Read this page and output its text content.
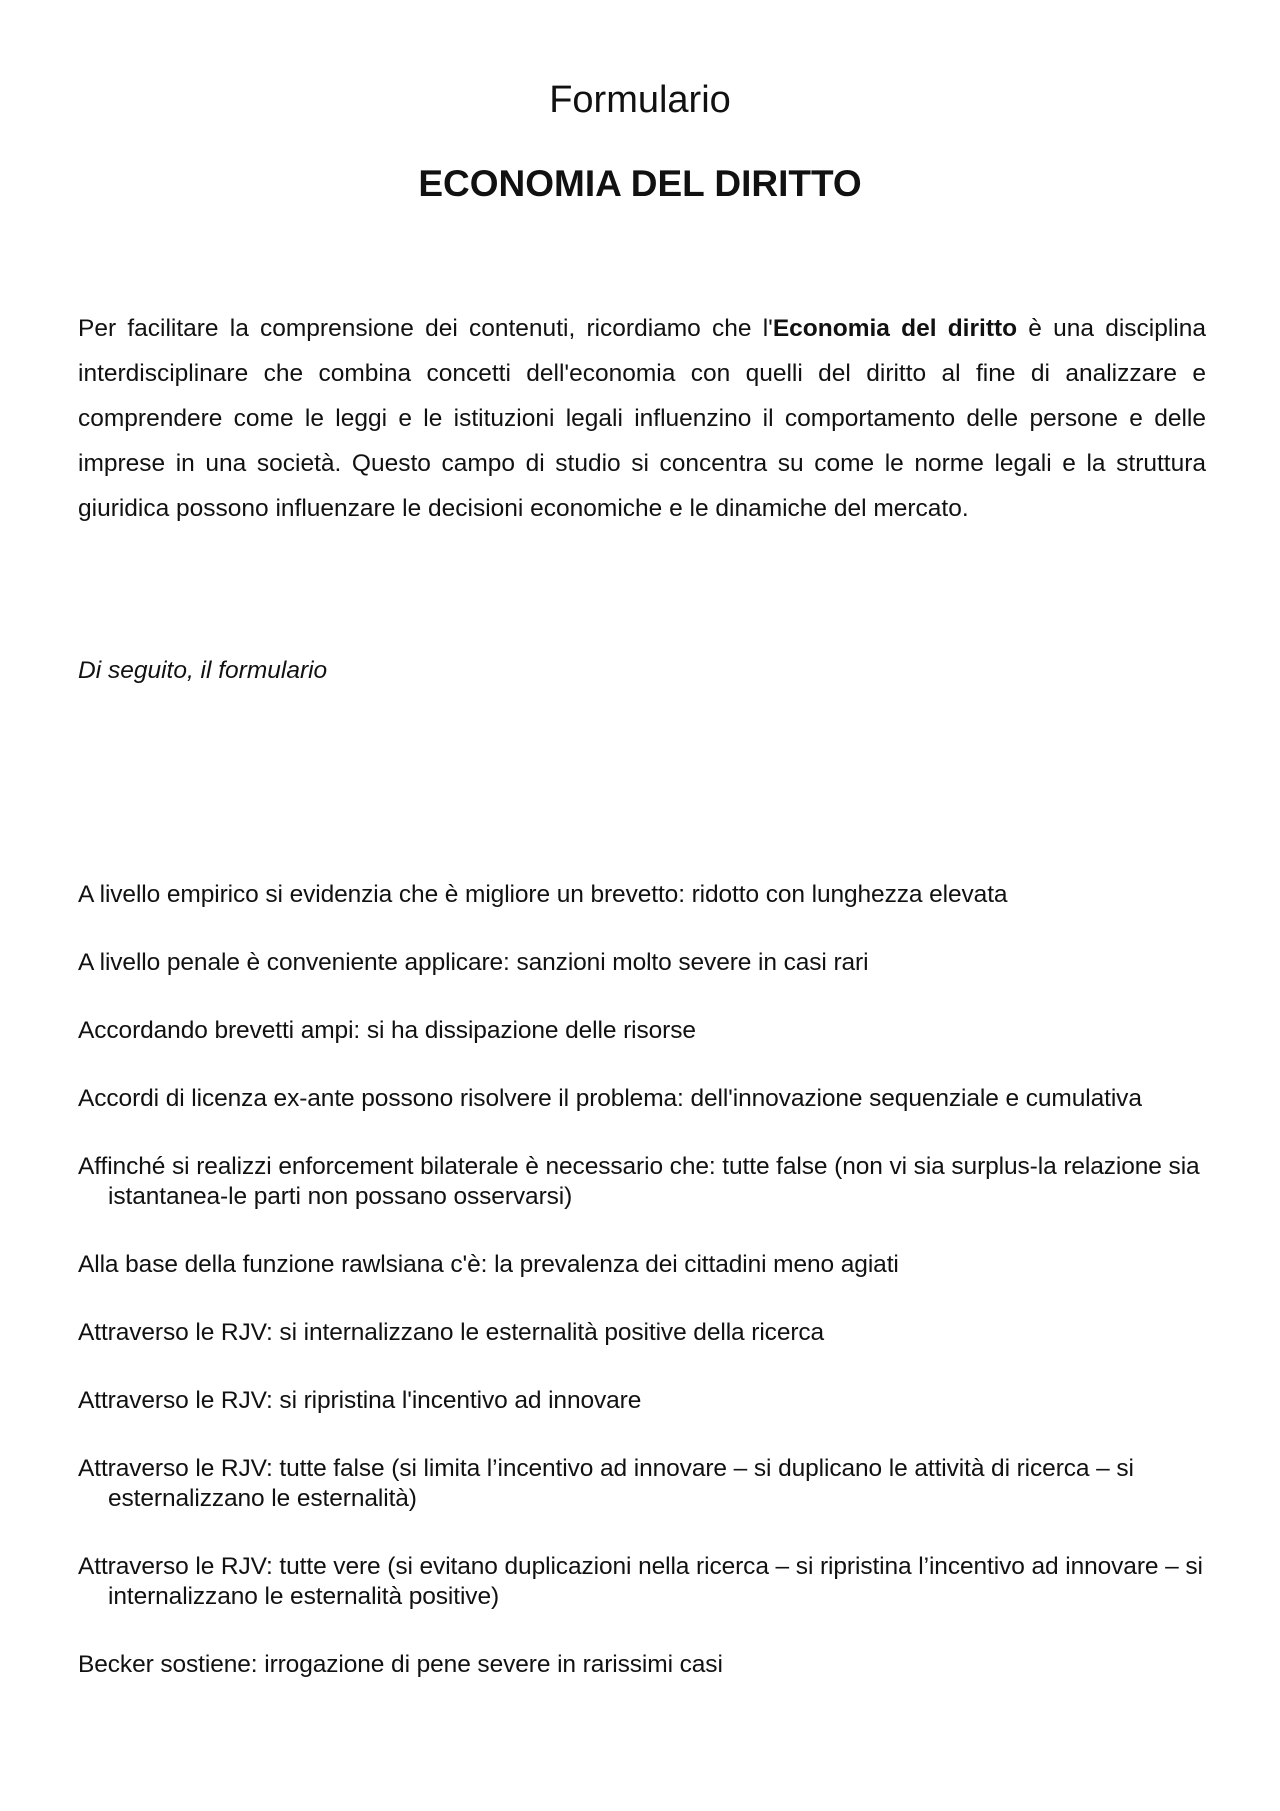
Formulario
ECONOMIA DEL DIRITTO

Per facilitare la comprensione dei contenuti, ricordiamo che l'Economia del diritto è una disciplina interdisciplinare che combina concetti dell'economia con quelli del diritto al fine di analizzare e comprendere come le leggi e le istituzioni legali influenzino il comportamento delle persone e delle imprese in una società. Questo campo di studio si concentra su come le norme legali e la struttura giuridica possono influenzare le decisioni economiche e le dinamiche del mercato.

Di seguito, il formulario

A livello empirico si evidenzia che è migliore un brevetto: ridotto con lunghezza elevata
A livello penale è conveniente applicare: sanzioni molto severe in casi rari
Accordando brevetti ampi: si ha dissipazione delle risorse
Accordi di licenza ex-ante possono risolvere il problema: dell'innovazione sequenziale e cumulativa
Affinché si realizzi enforcement bilaterale è necessario che: tutte false (non vi sia surplus-la relazione sia istantanea-le parti non possano osservarsi)
Alla base della funzione rawlsiana c'è: la prevalenza dei cittadini meno agiati
Attraverso le RJV: si internalizzano le esternalità positive della ricerca
Attraverso le RJV: si ripristina l'incentivo ad innovare
Attraverso le RJV: tutte false (si limita l’incentivo ad innovare – si duplicano le attività di ricerca – si esternalizzano le esternalità)
Attraverso le RJV: tutte vere (si evitano duplicazioni nella ricerca – si ripristina l’incentivo ad innovare – si internalizzano le esternalità positive)
Becker sostiene: irrogazione di pene severe in rarissimi casi
